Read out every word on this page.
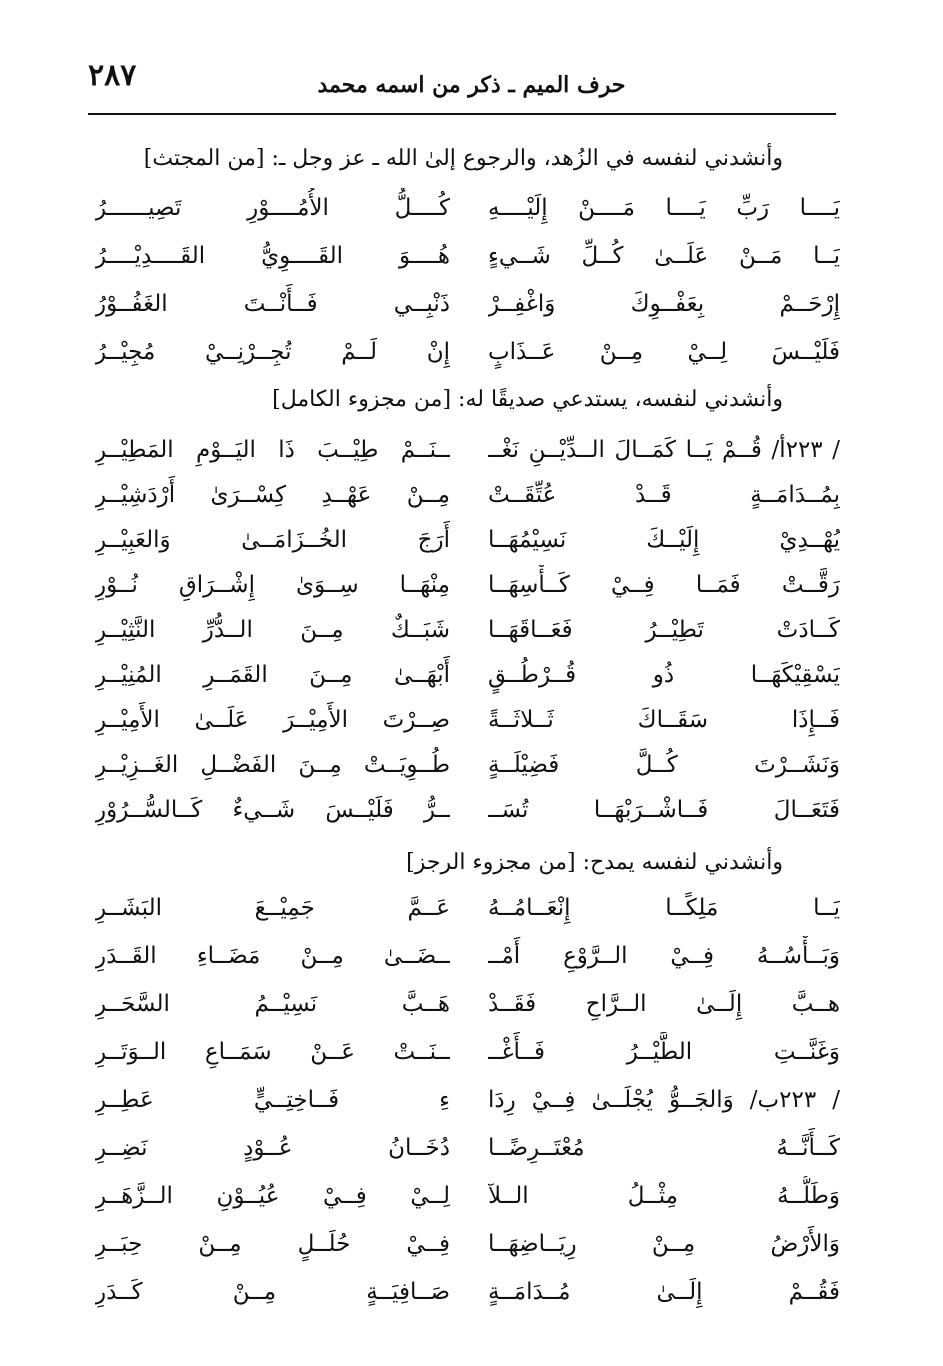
٢٨٧	حرف الميم ـ ذكر من اسمه محمد
وأنشدني لنفسه في الزُهد، والرجوع إلىٰ الله ـ عز وجل ـ: [من المجتث]
يَــــا رَبِّ يَــــا مَــــنْ إِلَيْــــهِ
كُــــلُّ الأُمُــــوْرِ تَصِيــــــرُ
يَــا مَــنْ عَلَــىٰ كُــلِّ شَــيءٍ
هُــــوَ القَــــوِيُّ القَــــدِيْــــرُ
إِرْحَــمْ بِعَفْــوِكَ وَاغْفِــرْ
ذَنْبِــي فَــأَنْــتَ الغَفُــوْرُ
فَلَيْــسَ لِــيْ مِــنْ عَــذَابٍ
إِنْ لَــمْ تُجِــرْنِــيْ مُجِيْــرُ
وأنشدني لنفسه، يستدعي صديقًا له: [من مجزوء الكامل]
/ ٢٢٣أ/ قُــمْ يَــا كَمَــالَ الــدِّيْــنِ نَغْــ
ــنَــمْ طِيْــبَ ذَا اليَــوْمِ المَطِيْــرِ
بِمُــدَامَــةٍ قَــدْ عُتِّقَــتْ
مِــنْ عَهْــدِ كِسْــرَىٰ أَرْدَشِيْــرِ
يُهْــدِيْ إِلَيْــكَ نَسِيْمُهَــا
أَرَجَ الخُــزَامَــىٰ وَالعَبِيْــرِ
رَقَّــتْ فَمَــا فِــيْ كَــأْسِهَــا
مِنْهَــا سِــوَىٰ إِشْــرَاقِ نُــوْرِ
كَــادَتْ تَطِيْــرُ فَعَــاقَهَــا
شَبَــكٌ مِــنَ الــدُّرِّ النَّثِيْــرِ
يَسْقِيْكَهَــا ذُو قُــرْطُــقٍ
أَبْهَــىٰ مِــنَ القَمَــرِ المُنِيْــرِ
فَــإِذَا سَقَــاكَ ثَــلاثَــةً
صِــرْتَ الأَمِيْــرَ عَلَــىٰ الأَمِيْــرِ
وَنَشَــرْتَ كُــلَّ فَضِيْلَــةٍ
طُــوِيَــتْ مِــنَ الفَضْــلِ الغَــزِيْــرِ
فَتَعَــالَ فَــاشْــرَبْهَــا تُسَــ
ــرُّ فَلَيْــسَ شَــيءٌ كَــالسُّــرُوْرِ
وأنشدني لنفسه يمدح: [من مجزوء الرجز]
يَــا مَلِكًــا إِنْعَــامُــهُ
عَــمَّ جَمِيْــعَ البَشَــرِ
وَبَــأْسُــهُ فِــيْ الــرَّوْعِ أَمْــ
ــضَــىٰ مِــنْ مَضَــاءِ القَــدَرِ
هــبَّ إِلَــىٰ الــرَّاحِ فَقَــدْ
هَــبَّ نَسِيْــمُ السَّحَــرِ
وَغَنَّــتِ الطَّيْــرُ فَــأَغْــ
ــنَــتْ عَــنْ سَمَــاعِ الــوَتَــرِ
/ ٢٢٣ب/ وَالجَــوُّ يُجْلَــىٰ فِــيْ رِدَا
ءِ فَــاخِتِــيٍّ عَطِــرِ
كَــأَنَّــهُ مُعْتَــرِضًــا
دُخَــانُ عُــوْدٍ نَضِــرِ
وَطَلُّــهُ مِثْــلُ الــلآ
لِــيْ فِــيْ عُيُــوْنِ الــزَّهَــرِ
وَالأَرْضُ مِــنْ رِيَــاضِهَــا
فِــيْ حُلَــلٍ مِــنْ حِبَــرِ
فَقُــمْ إِلَــىٰ مُــدَامَــةٍ
صَــافِيَــةٍ مِــنْ كَــدَرِ
